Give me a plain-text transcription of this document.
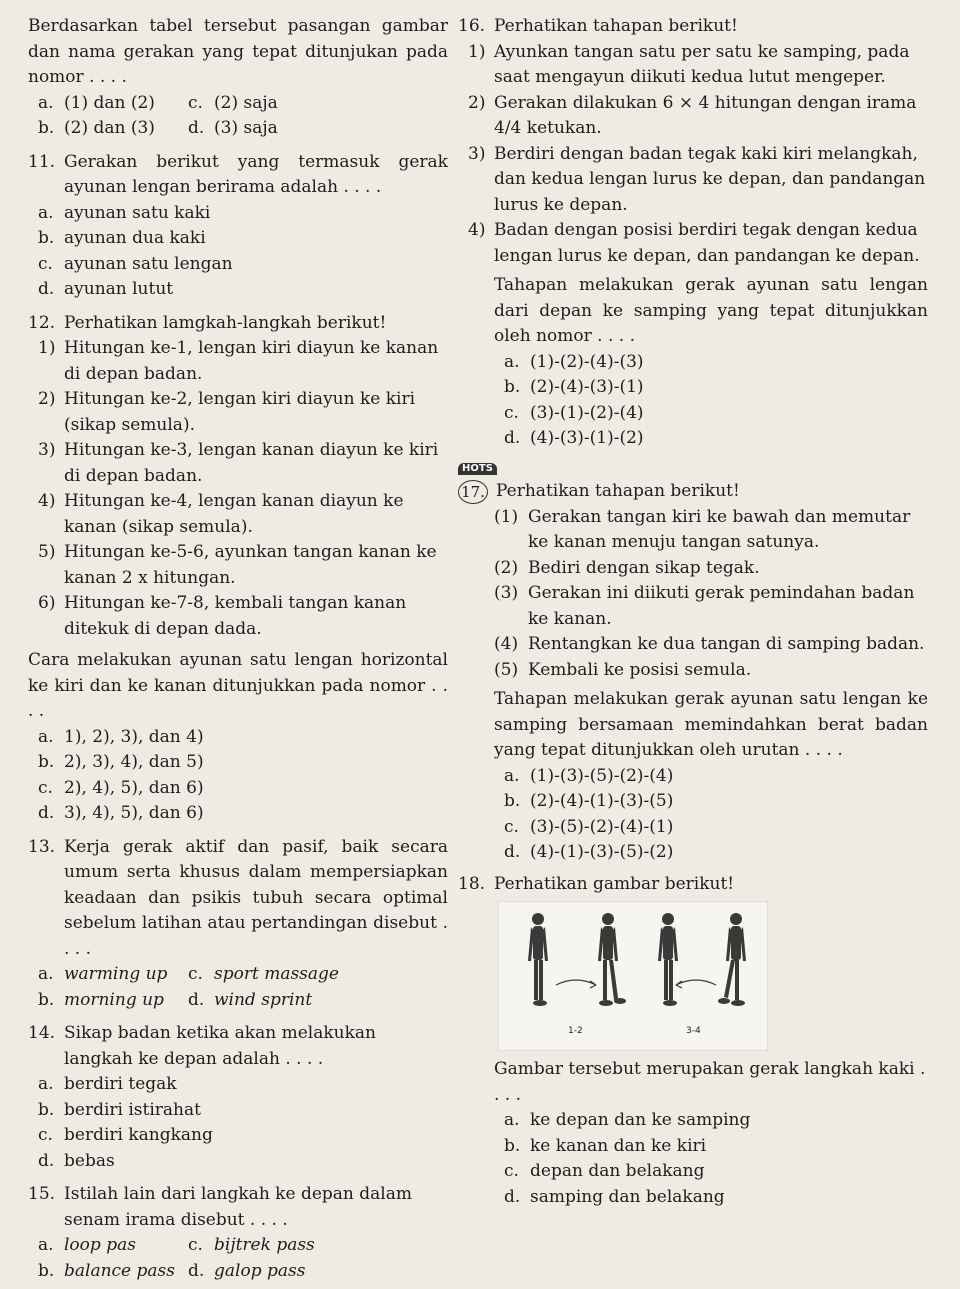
Berdasarkan tabel tersebut pasangan gambar dan nama gerakan yang tepat ditunjukan pada nomor . . . .

a. (1) dan (2) c. (2) saja
b. (2) dan (3) d. (3) saja
11. Gerakan berikut yang termasuk gerak ayunan lengan berirama adalah . . . .
a. ayunan satu kaki
b. ayunan dua kaki
c. ayunan satu lengan
d. ayunan lutut
12. Perhatikan lamgkah-langkah berikut!
1) Hitungan ke-1, lengan kiri diayun ke kanan di depan badan.
2) Hitungan ke-2, lengan kiri diayun ke kiri (sikap semula).
3) Hitungan ke-3, lengan kanan diayun ke kiri di depan badan.
4) Hitungan ke-4, lengan kanan diayun ke kanan (sikap semula).
5) Hitungan ke-5-6, ayunkan tangan kanan ke kanan 2 x hitungan.
6) Hitungan ke-7-8, kembali tangan kanan ditekuk di depan dada.

Cara melakukan ayunan satu lengan horizontal ke kiri dan ke kanan ditunjukkan pada nomor . . . .

a. 1), 2), 3), dan 4)
b. 2), 3), 4), dan 5)
c. 2), 4), 5), dan 6)
d. 3), 4), 5), dan 6)
13. Kerja gerak aktif dan pasif, baik secara umum serta khusus dalam mempersiapkan keadaan dan psikis tubuh secara optimal sebelum latihan atau pertandingan disebut . . . .
a. warming up c. sport massage
b. morning up d. wind sprint
14. Sikap badan ketika akan melakukan langkah ke depan adalah . . . .
a. berdiri tegak
b. berdiri istirahat
c. berdiri kangkang
d. bebas
15. Istilah lain dari langkah ke depan dalam senam irama disebut . . . .
a. loop pas	c. bijtrek pass
b. balance pass d. galop pass
16. Perhatikan tahapan berikut!
1) Ayunkan tangan satu per satu ke samping, pada saat mengayun diikuti kedua lutut mengeper.
2) Gerakan dilakukan 6 × 4 hitungan dengan irama 4/4 ketukan.
3) Berdiri dengan badan tegak kaki kiri melangkah, dan kedua lengan lurus ke depan, dan pandangan lurus ke depan.
4) Badan dengan posisi berdiri tegak dengan kedua lengan lurus ke depan, dan pandangan ke depan.

Tahapan melakukan gerak ayunan satu lengan dari depan ke samping yang tepat ditunjukkan oleh nomor . . . .

a. (1)-(2)-(4)-(3)
b. (2)-(4)-(3)-(1)
c. (3)-(1)-(2)-(4)
d. (4)-(3)-(1)-(2)
HOTS
17. Perhatikan tahapan berikut!
(1) Gerakan tangan kiri ke bawah dan memutar ke kanan menuju tangan satunya.
(2) Bediri dengan sikap tegak.
(3) Gerakan ini diikuti gerak pemindahan badan ke kanan.
(4) Rentangkan ke dua tangan di samping badan.
(5) Kembali ke posisi semula.

Tahapan melakukan gerak ayunan satu lengan ke samping bersamaan memindahkan berat badan yang tepat ditunjukkan oleh urutan . . . .

a. (1)-(3)-(5)-(2)-(4)
b. (2)-(4)-(1)-(3)-(5)
c. (3)-(5)-(2)-(4)-(1)
d. (4)-(1)-(3)-(5)-(2)
18. Perhatikan gambar berikut!
1-2	3-4

Gambar tersebut merupakan gerak langkah kaki . . . .

a. ke depan dan ke samping
b. ke kanan dan ke kiri
c. depan dan belakang
d. samping dan belakang
